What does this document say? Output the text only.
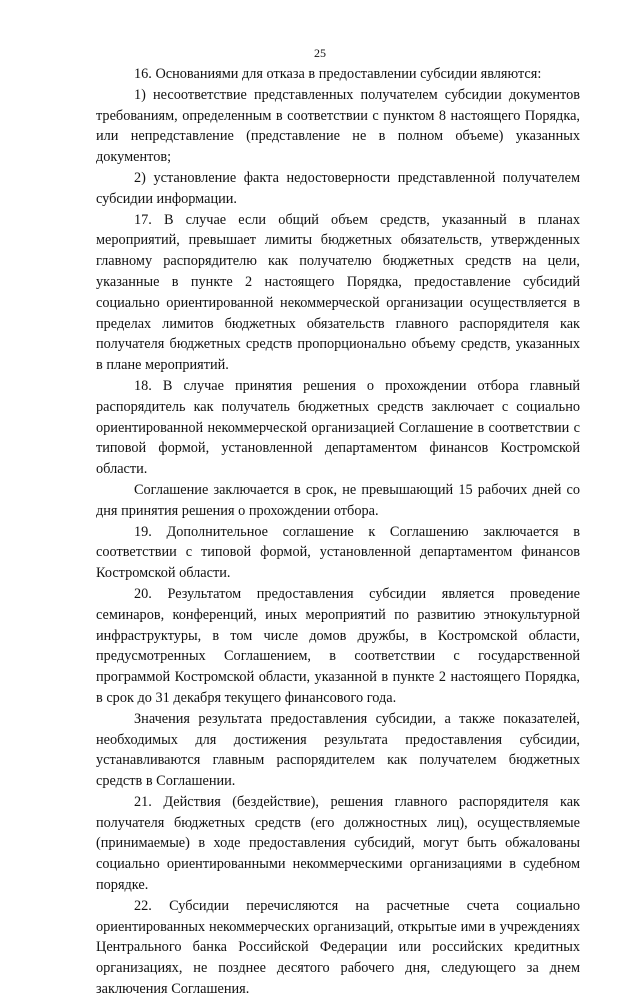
25

16. Основаниями для отказа в предоставлении субсидии являются:

1) несоответствие представленных получателем субсидии документов требованиям, определенным в соответствии с пунктом 8 настоящего Порядка, или непредставление (представление не в полном объеме) указанных документов;

2) установление факта недостоверности представленной получателем субсидии информации.

17. В случае если общий объем средств, указанный в планах мероприятий, превышает лимиты бюджетных обязательств, утвержденных главному распорядителю как получателю бюджетных средств на цели, указанные в пункте 2 настоящего Порядка, предоставление субсидий социально ориентированной некоммерческой организации осуществляется в пределах лимитов бюджетных обязательств главного распорядителя как получателя бюджетных средств пропорционально объему средств, указанных в плане мероприятий.

18. В случае принятия решения о прохождении отбора главный распорядитель как получатель бюджетных средств заключает с социально ориентированной некоммерческой организацией Соглашение в соответствии с типовой формой, установленной департаментом финансов Костромской области.

Соглашение заключается в срок, не превышающий 15 рабочих дней со дня принятия решения о прохождении отбора.

19. Дополнительное соглашение к Соглашению заключается в соответствии с типовой формой, установленной департаментом финансов Костромской области.

20. Результатом предоставления субсидии является проведение семинаров, конференций, иных мероприятий по развитию этнокультурной инфраструктуры, в том числе домов дружбы, в Костромской области, предусмотренных Соглашением, в соответствии с государственной программой Костромской области, указанной в пункте 2 настоящего Порядка, в срок до 31 декабря текущего финансового года.

Значения результата предоставления субсидии, а также показателей, необходимых для достижения результата предоставления субсидии, устанавливаются главным распорядителем как получателем бюджетных средств в Соглашении.

21. Действия (бездействие), решения главного распорядителя как получателя бюджетных средств (его должностных лиц), осуществляемые (принимаемые) в ходе предоставления субсидий, могут быть обжалованы социально ориентированными некоммерческими организациями в судебном порядке.

22. Субсидии перечисляются на расчетные счета социально ориентированных некоммерческих организаций, открытые ими в учреждениях Центрального банка Российской Федерации или российских кредитных организациях, не позднее десятого рабочего дня, следующего за днем заключения Соглашения.
